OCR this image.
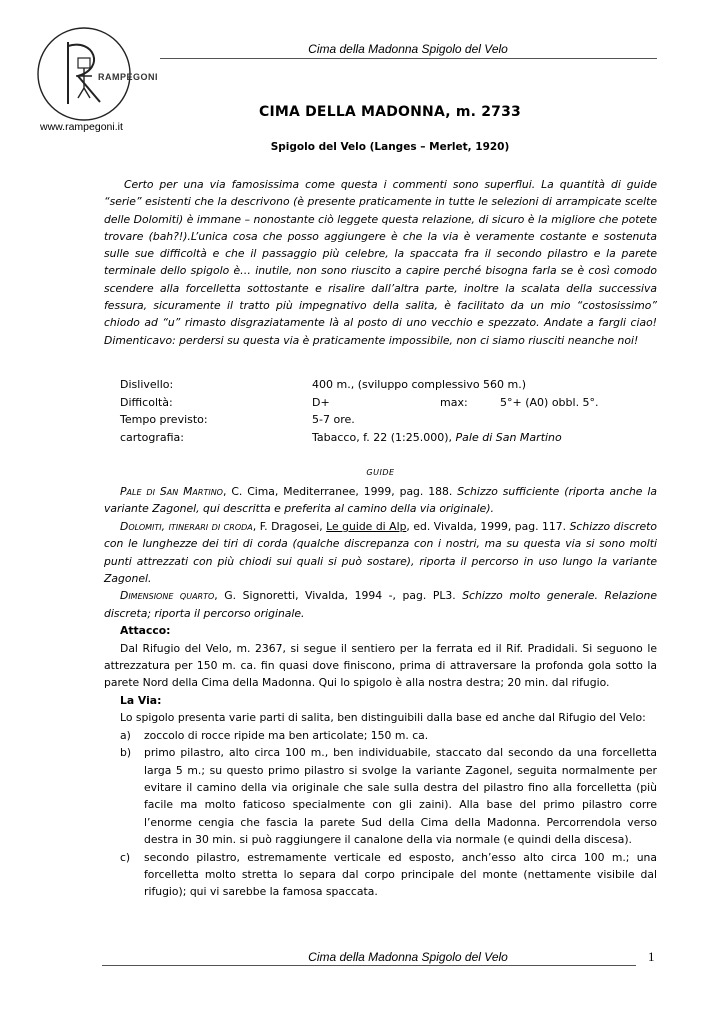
Cima della Madonna Spigolo del Velo
RAMPEGONI
www.rampegoni.it
CIMA DELLA MADONNA, m. 2733
Spigolo del Velo (Langes – Merlet, 1920)

Certo per una via famosissima come questa i commenti sono superflui. La quantità di guide “serie” esistenti che la descrivono (è presente praticamente in tutte le selezioni di arrampicate scelte delle Dolomiti) è immane – nonostante ciò leggete questa relazione, di sicuro è la migliore che potete trovare (bah?!).L’unica cosa che posso aggiungere è che la via è veramente costante e sostenuta sulle sue difficoltà e che il passaggio più celebre, la spaccata fra il secondo pilastro e la parete terminale dello spigolo è… inutile, non sono riuscito a capire perché bisogna farla se è così comodo scendere alla forcelletta sottostante e risalire dall’altra parte, inoltre la scalata della successiva fessura, sicuramente il tratto più impegnativo della salita, è facilitato da un mio “costosissimo” chiodo ad “u” rimasto disgraziatamente là al posto di uno vecchio e spezzato. Andate a fargli ciao! Dimenticavo: perdersi su questa via è praticamente impossibile, non ci siamo riusciti neanche noi!

Dislivello:	400 m., (sviluppo complessivo 560 m.)		
Difficoltà:	D+	max:	5°+ (A0) obbl. 5°.
Tempo previsto:	5-7 ore.		
cartografia:	Tabacco, f. 22 (1:25.000), Pale di San Martino		
GUIDE

Pale di San Martino, C. Cima, Mediterranee, 1999, pag. 188. Schizzo sufficiente (riporta anche la variante Zagonel, qui descritta e preferita al camino della via originale).

Dolomiti, itinerari di croda, F. Dragosei, Le guide di Alp, ed. Vivalda, 1999, pag. 117. Schizzo discreto con le lunghezze dei tiri di corda (qualche discrepanza con i nostri, ma su questa via si sono molti punti attrezzati con più chiodi sui quali si può sostare), riporta il percorso in uso lungo la variante Zagonel.

Dimensione quarto, G. Signoretti, Vivalda, 1994 -, pag. PL3. Schizzo molto generale. Relazione discreta; riporta il percorso originale.

Attacco:

Dal Rifugio del Velo, m. 2367, si segue il sentiero per la ferrata ed il Rif. Pradidali. Si seguono le attrezzatura per 150 m. ca. fin quasi dove finiscono, prima di attraversare la profonda gola sotto la parete Nord della Cima della Madonna. Qui lo spigolo è alla nostra destra; 20 min. dal rifugio.

La Via:

Lo spigolo presenta varie parti di salita, ben distinguibili dalla base ed anche dal Rifugio del Velo:

a) zoccolo di rocce ripide ma ben articolate; 150 m. ca.
b) primo pilastro, alto circa 100 m., ben individuabile, staccato dal secondo da una forcelletta larga 5 m.; su questo primo pilastro si svolge la variante Zagonel, seguita normalmente per evitare il camino della via originale che sale sulla destra del pilastro fino alla forcelletta (più facile ma molto faticoso specialmente con gli zaini). Alla base del primo pilastro corre l’enorme cengia che fascia la parete Sud della Cima della Madonna. Percorrendola verso destra in 30 min. si può raggiungere il canalone della via normale (e quindi della discesa).
c) secondo pilastro, estremamente verticale ed esposto, anch’esso alto circa 100 m.; una forcelletta molto stretta lo separa dal corpo principale del monte (nettamente visibile dal rifugio); qui vi sarebbe la famosa spaccata.
Cima della Madonna Spigolo del Velo	1
